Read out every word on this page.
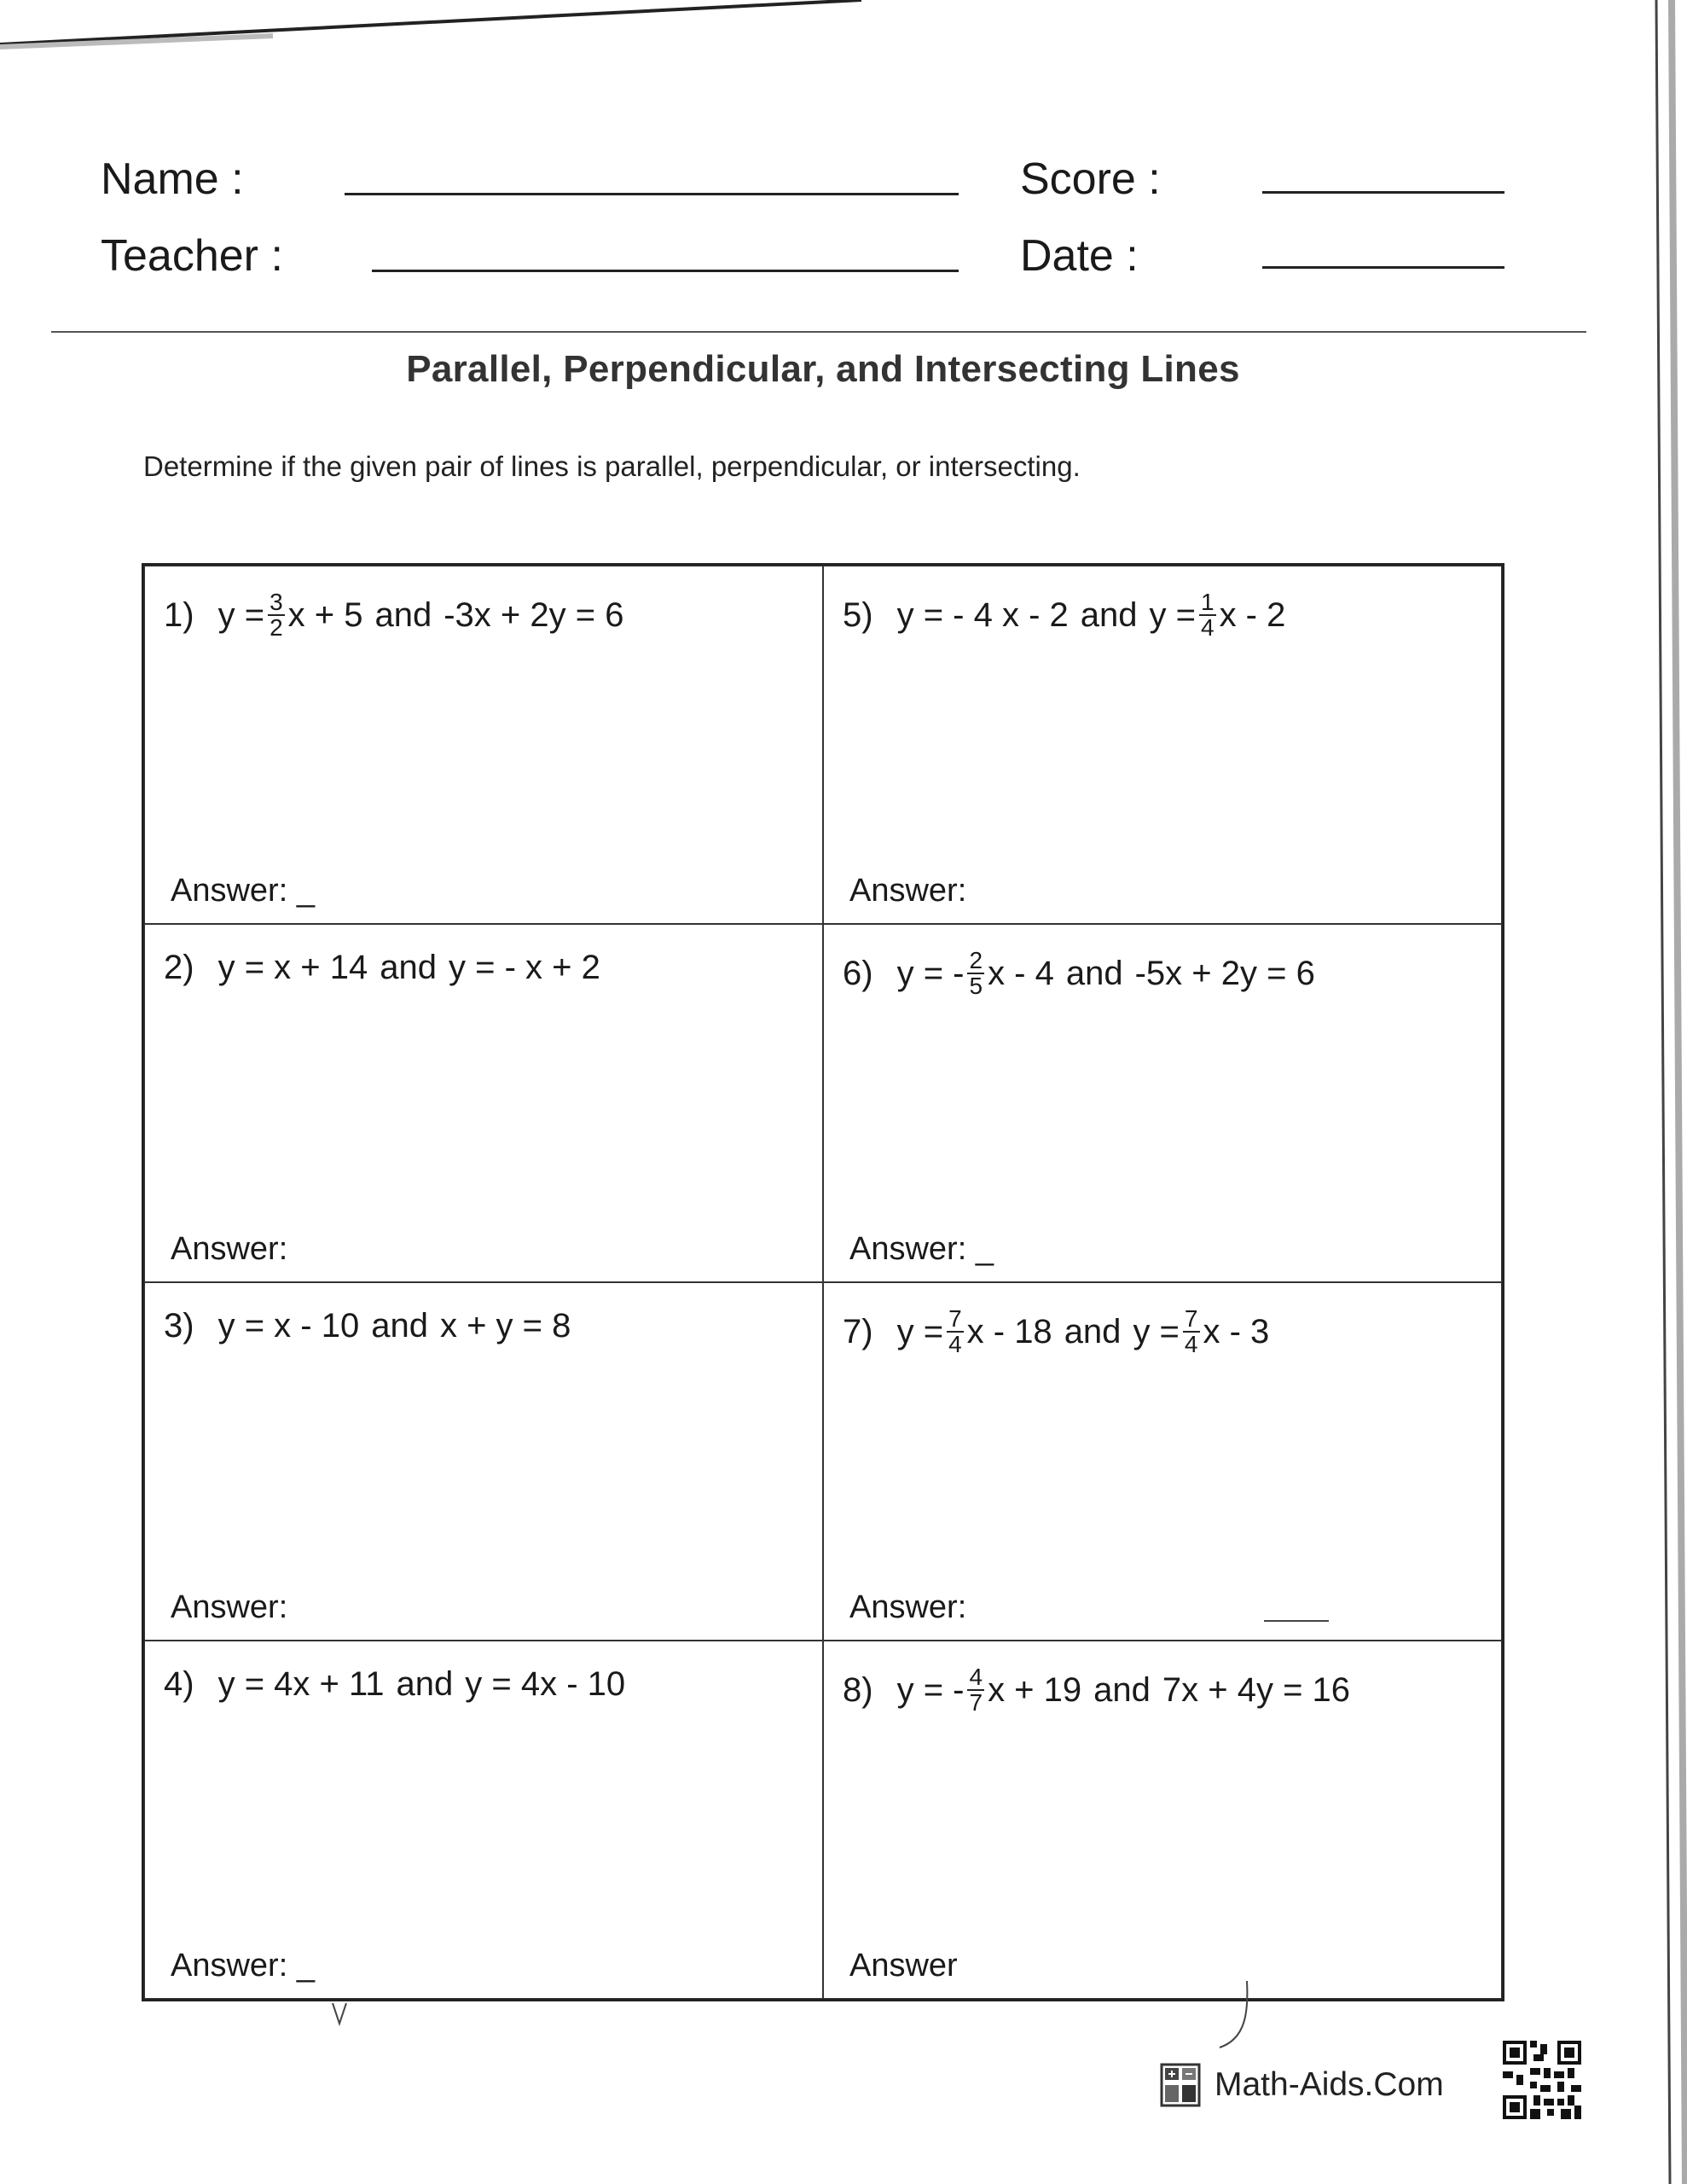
Name :
Teacher :
Score :
Date :
Parallel, Perpendicular, and Intersecting Lines
Determine if the given pair of lines is parallel, perpendicular, or intersecting.
1) $y = \frac{3}{2}$ x + 5 and -3x + 2y = 6
Answer: _
5) y = - 4 x - 2 and $y = \frac{1}{4}$ x - 2
Answer:
2) y = x + 14 and y = - x + 2
Answer:
6) y = - $\frac{2}{5}$ x - 4 and -5x + 2y = 6
Answer: _
3) y = x - 10 and x + y = 8
Answer:
7) $y = \frac{7}{4}$ x - 18 and $y = \frac{7}{4}$ x - 3
Answer:
4) y = 4x + 11 and y = 4x - 10
Answer: _
8) y = - $\frac{4}{7}$ x + 19 and 7x + 4y = 16
Answer
Math-Aids.Com
